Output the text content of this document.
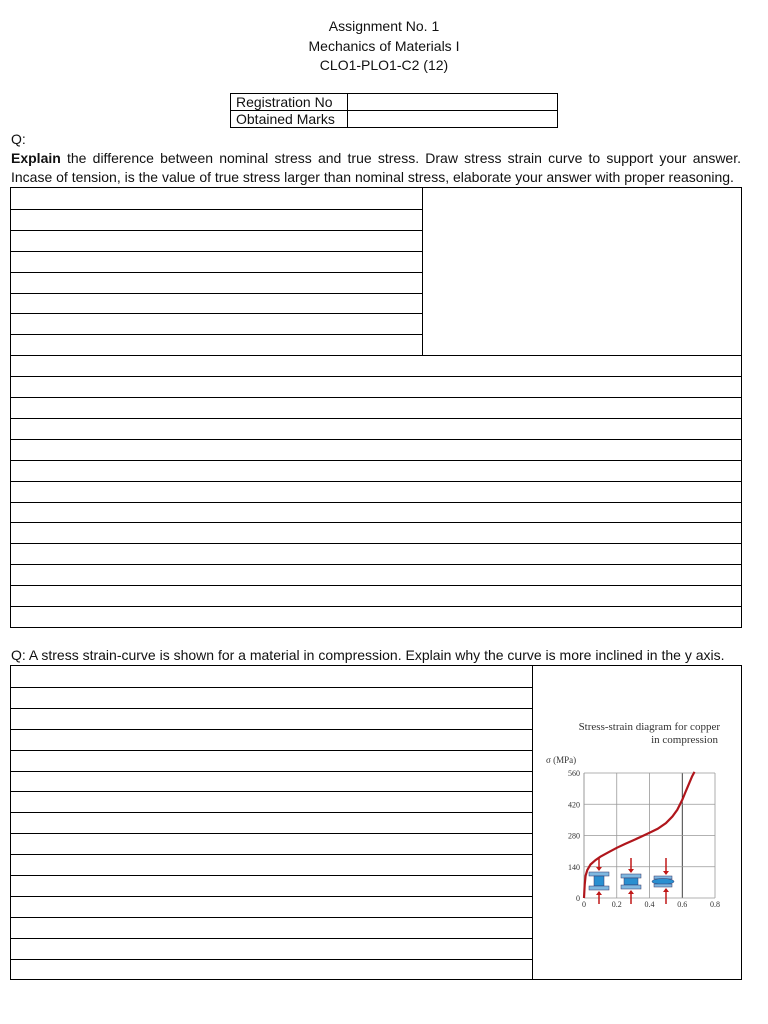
Assignment No. 1
Mechanics of Materials I
CLO1-PLO1-C2 (12)
Registration No	
Obtained Marks	
Q:
Explain the difference between nominal stress and true stress. Draw stress strain curve to support your answer. Incase of tension, is the value of true stress larger than nominal stress, elaborate your answer with proper reasoning.
Q: A stress strain-curve is shown for a material in compression. Explain why the curve is more inclined in the y axis.
Stress-strain diagram for copper
in compression
σ (MPa)
0	0.2	0.4	0.6	0.8
0
140
280
420
560
